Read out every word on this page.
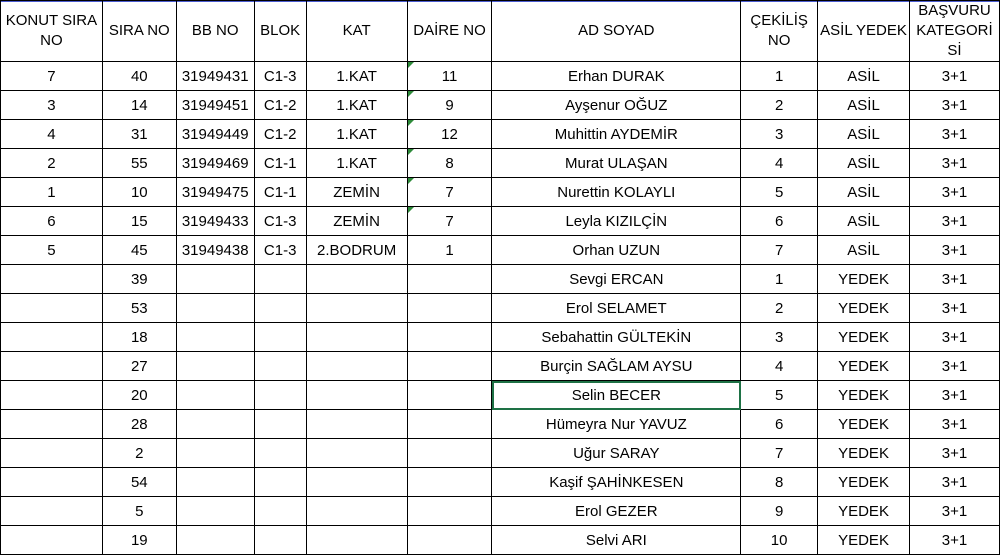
KONUT SIRA NO	SIRA NO	BB NO	BLOK	KAT	DAİRE NO	AD SOYAD	ÇEKİLİŞ NO	ASİL YEDEK	BAŞVURU KATEGORİ Sİ
7	40	31949431	C1-3	1.KAT	11	Erhan DURAK	1	ASİL	3+1
3	14	31949451	C1-2	1.KAT	9	Ayşenur OĞUZ	2	ASİL	3+1
4	31	31949449	C1-2	1.KAT	12	Muhittin AYDEMİR	3	ASİL	3+1
2	55	31949469	C1-1	1.KAT	8	Murat ULAŞAN	4	ASİL	3+1
1	10	31949475	C1-1	ZEMİN	7	Nurettin KOLAYLI	5	ASİL	3+1
6	15	31949433	C1-3	ZEMİN	7	Leyla KIZILÇİN	6	ASİL	3+1
5	45	31949438	C1-3	2.BODRUM	1	Orhan UZUN	7	ASİL	3+1
	39					Sevgi ERCAN	1	YEDEK	3+1
	53					Erol SELAMET	2	YEDEK	3+1
	18					Sebahattin GÜLTEKİN	3	YEDEK	3+1
	27					Burçin SAĞLAM AYSU	4	YEDEK	3+1
	20					Selin BECER	5	YEDEK	3+1
	28					Hümeyra Nur YAVUZ	6	YEDEK	3+1
	2					Uğur SARAY	7	YEDEK	3+1
	54					Kaşif ŞAHİNKESEN	8	YEDEK	3+1
	5					Erol GEZER	9	YEDEK	3+1
	19					Selvi ARI	10	YEDEK	3+1
